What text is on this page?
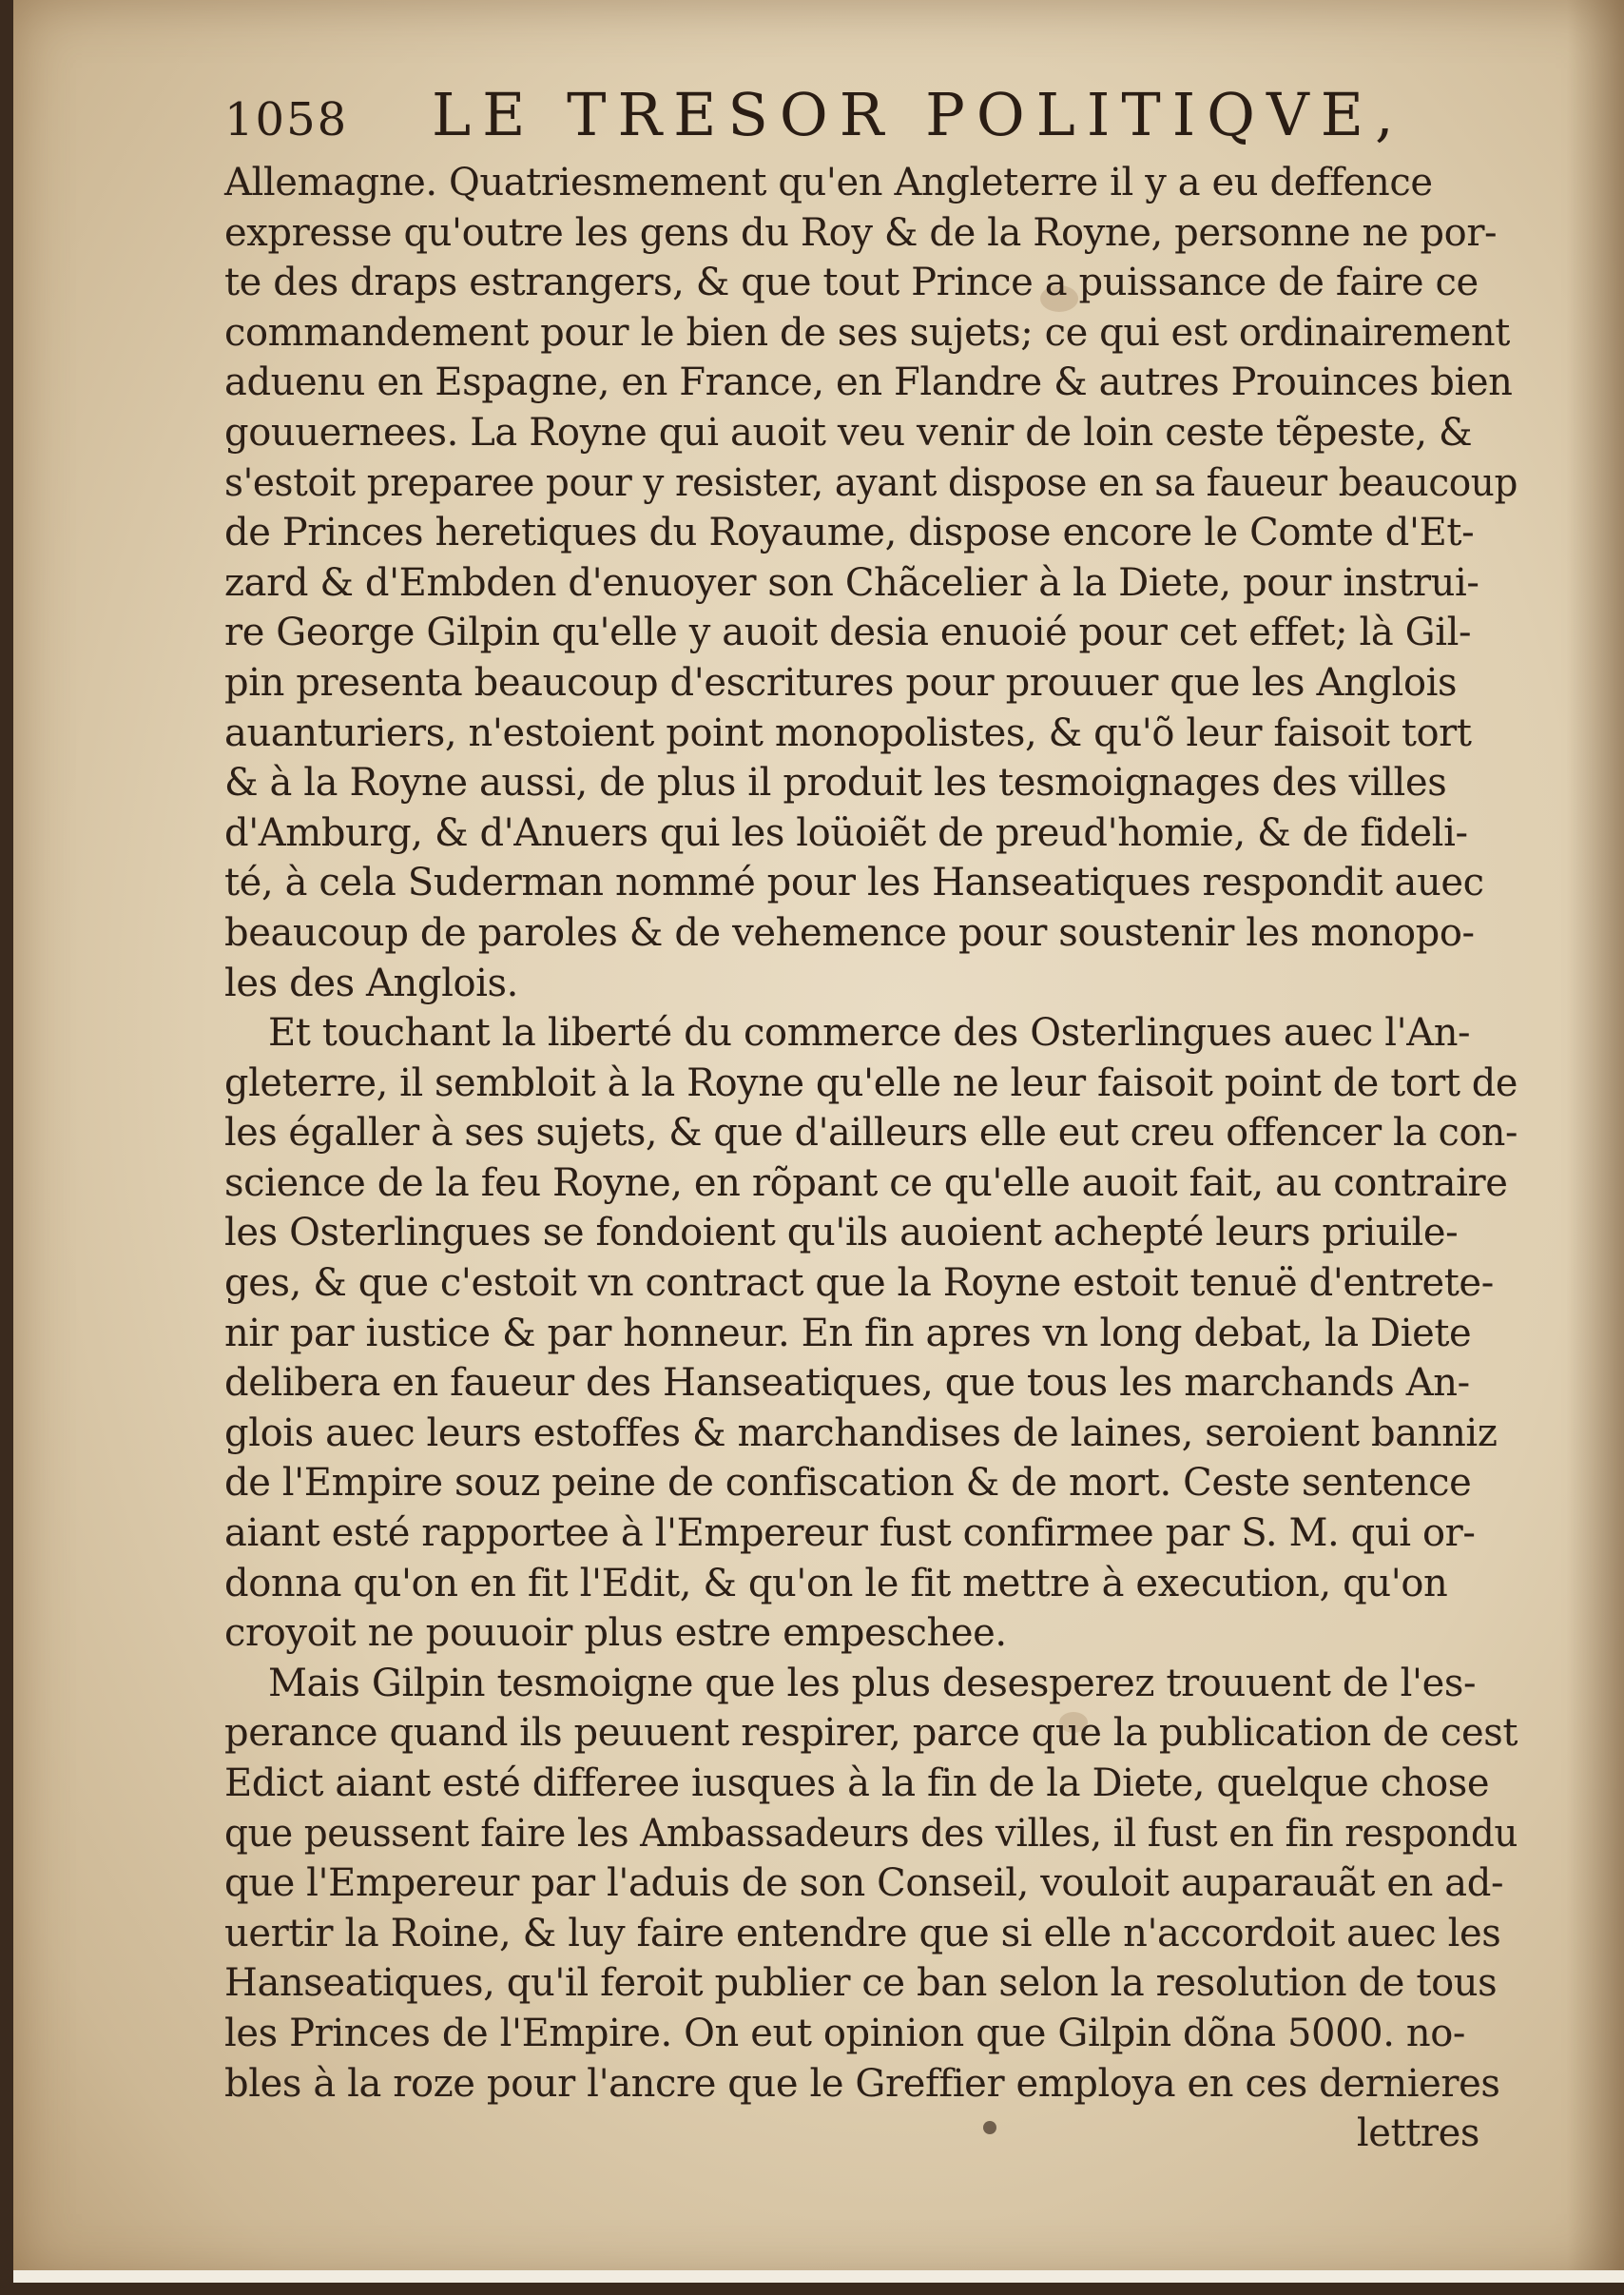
1058 LE TRESOR POLITIQVE,
Allemagne. Quatriesmement qu'en Angleterre il y a eu deffence
expresse qu'outre les gens du Roy & de la Royne, personne ne por-
te des draps estrangers, & que tout Prince a puissance de faire ce
commandement pour le bien de ses sujets; ce qui est ordinairement
aduenu en Espagne, en France, en Flandre & autres Prouinces bien
gouuernees. La Royne qui auoit veu venir de loin ceste tẽpeste, &
s'estoit preparee pour y resister, ayant dispose en sa faueur beaucoup
de Princes heretiques du Royaume, dispose encore le Comte d'Et-
zard & d'Embden d'enuoyer son Chãcelier à la Diete, pour instrui-
re George Gilpin qu'elle y auoit desia enuoié pour cet effet; là Gil-
pin presenta beaucoup d'escritures pour prouuer que les Anglois
auanturiers, n'estoient point monopolistes, & qu'õ leur faisoit tort
& à la Royne aussi, de plus il produit les tesmoignages des villes
d'Amburg, & d'Anuers qui les loüoiẽt de preud'homie, & de fideli-
té, à cela Suderman nommé pour les Hanseatiques respondit auec
beaucoup de paroles & de vehemence pour soustenir les monopo-
les des Anglois.
Et touchant la liberté du commerce des Osterlingues auec l'An-
gleterre, il sembloit à la Royne qu'elle ne leur faisoit point de tort de
les égaller à ses sujets, & que d'ailleurs elle eut creu offencer la con-
science de la feu Royne, en rõpant ce qu'elle auoit fait, au contraire
les Osterlingues se fondoient qu'ils auoient achepté leurs priuile-
ges, & que c'estoit vn contract que la Royne estoit tenuë d'entrete-
nir par iustice & par honneur. En fin apres vn long debat, la Diete
delibera en faueur des Hanseatiques, que tous les marchands An-
glois auec leurs estoffes & marchandises de laines, seroient banniz
de l'Empire souz peine de confiscation & de mort. Ceste sentence
aiant esté rapportee à l'Empereur fust confirmee par S. M. qui or-
donna qu'on en fit l'Edit, & qu'on le fit mettre à execution, qu'on
croyoit ne pouuoir plus estre empeschee.
Mais Gilpin tesmoigne que les plus desesperez trouuent de l'es-
perance quand ils peuuent respirer, parce que la publication de cest
Edict aiant esté differee iusques à la fin de la Diete, quelque chose
que peussent faire les Ambassadeurs des villes, il fust en fin respondu
que l'Empereur par l'aduis de son Conseil, vouloit auparauãt en ad-
uertir la Roine, & luy faire entendre que si elle n'accordoit auec les
Hanseatiques, qu'il feroit publier ce ban selon la resolution de tous
les Princes de l'Empire. On eut opinion que Gilpin dõna 5000. no-
bles à la roze pour l'ancre que le Greffier employa en ces dernieres
lettres
